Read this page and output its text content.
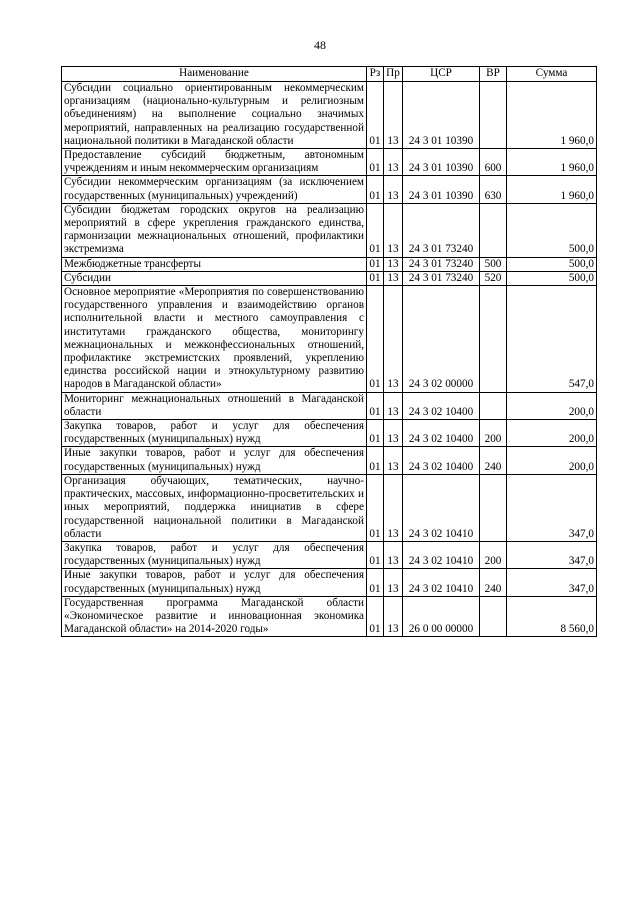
48
Наименование	Рз	Пр	ЦСР	ВР	Сумма
Субсидии социально ориентированным некоммерческим организациям (национально-культурным и религиозным объединениям) на выполнение социально значимых мероприятий, направленных на реализацию государственной национальной политики в Магаданской области	01	13	24 3 01 10390		1 960,0
Предоставление субсидий бюджетным, автономным учреждениям и иным некоммерческим организациям	01	13	24 3 01 10390	600	1 960,0
Субсидии некоммерческим организациям (за исключением государственных (муниципальных) учреждений)	01	13	24 3 01 10390	630	1 960,0
Субсидии бюджетам городских округов на реализацию мероприятий в сфере укрепления гражданского единства, гармонизации межнациональных отношений, профилактики экстремизма	01	13	24 3 01 73240		500,0
Межбюджетные трансферты	01	13	24 3 01 73240	500	500,0
Субсидии	01	13	24 3 01 73240	520	500,0
Основное мероприятие «Мероприятия по совершенствованию государственного управления и взаимодействию органов исполнительной власти и местного самоуправления с институтами гражданского общества, мониторингу межнациональных и межконфессиональных отношений, профилактике экстремистских проявлений, укреплению единства российской нации и этнокультурному развитию народов в Магаданской области»	01	13	24 3 02 00000		547,0
Мониторинг межнациональных отношений в Магаданской области	01	13	24 3 02 10400		200,0
Закупка товаров, работ и услуг для обеспечения государственных (муниципальных) нужд	01	13	24 3 02 10400	200	200,0
Иные закупки товаров, работ и услуг для обеспечения государственных (муниципальных) нужд	01	13	24 3 02 10400	240	200,0
Организация обучающих, тематических, научно-практических, массовых, информационно-просветительских и иных мероприятий, поддержка инициатив в сфере государственной национальной политики в Магаданской области	01	13	24 3 02 10410		347,0
Закупка товаров, работ и услуг для обеспечения государственных (муниципальных) нужд	01	13	24 3 02 10410	200	347,0
Иные закупки товаров, работ и услуг для обеспечения государственных (муниципальных) нужд	01	13	24 3 02 10410	240	347,0
Государственная программа Магаданской области «Экономическое развитие и инновационная экономика Магаданской области» на 2014-2020 годы»	01	13	26 0 00 00000		8 560,0
